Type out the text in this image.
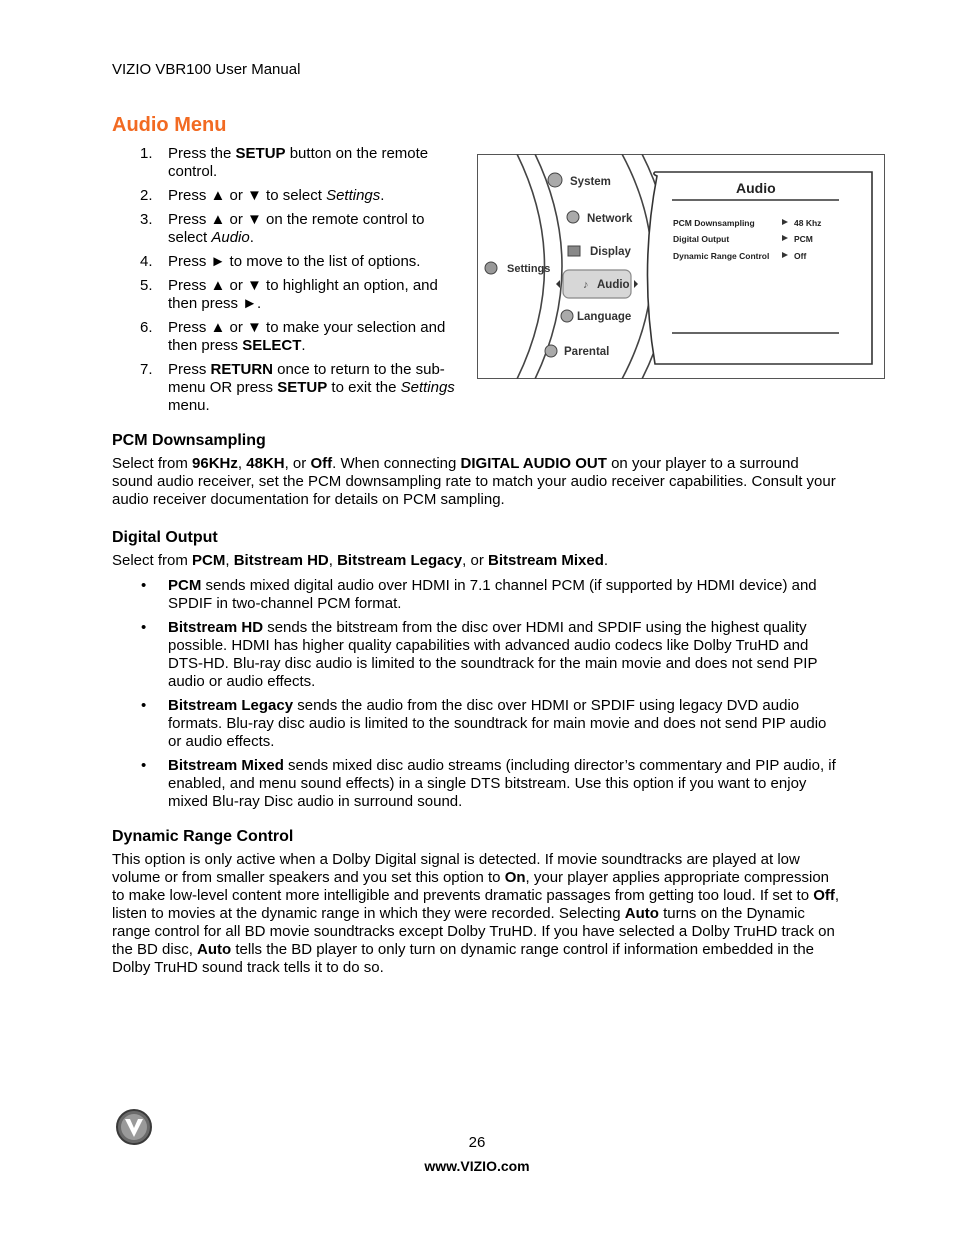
VIZIO VBR100 User Manual
Audio Menu
1. Press the SETUP button on the remote control.
2. Press ▲ or ▼ to select Settings.
3. Press ▲ or ▼ on the remote control to select Audio.
4. Press ► to move to the list of options.
5. Press ▲ or ▼ to highlight an option, and then press ►.
6. Press ▲ or ▼ to make your selection and then press SELECT.
7. Press RETURN once to return to the sub-menu OR press SETUP to exit the Settings menu.
Settings
System
Network
Display
♪ Audio
Language
Parental
Audio
PCM Downsampling	48 Khz
Digital Output	PCM
Dynamic Range Control	Off
PCM Downsampling

Select from 96KHz, 48KH, or Off. When connecting DIGITAL AUDIO OUT on your player to a surround sound audio receiver, set the PCM downsampling rate to match your audio receiver capabilities. Consult your audio receiver documentation for details on PCM sampling.

Digital Output

Select from PCM, Bitstream HD, Bitstream Legacy, or Bitstream Mixed.

• PCM sends mixed digital audio over HDMI in 7.1 channel PCM (if supported by HDMI device) and SPDIF in two-channel PCM format.
• Bitstream HD sends the bitstream from the disc over HDMI and SPDIF using the highest quality possible. HDMI has higher quality capabilities with advanced audio codecs like Dolby TruHD and DTS-HD. Blu-ray disc audio is limited to the soundtrack for the main movie and does not send PIP audio or audio effects.
• Bitstream Legacy sends the audio from the disc over HDMI or SPDIF using legacy DVD audio formats. Blu-ray disc audio is limited to the soundtrack for main movie and does not send PIP audio or audio effects.
• Bitstream Mixed sends mixed disc audio streams (including director’s commentary and PIP audio, if enabled, and menu sound effects) in a single DTS bitstream. Use this option if you want to enjoy mixed Blu-ray Disc audio in surround sound.
Dynamic Range Control

This option is only active when a Dolby Digital signal is detected. If movie soundtracks are played at low volume or from smaller speakers and you set this option to On, your player applies appropriate compression to make low-level content more intelligible and prevents dramatic passages from getting too loud. If set to Off, listen to movies at the dynamic range in which they were recorded. Selecting Auto turns on the Dynamic range control for all BD movie soundtracks except Dolby TruHD. If you have selected a Dolby TruHD track on the BD disc, Auto tells the BD player to only turn on dynamic range control if information embedded in the Dolby TruHD sound track tells it to do so.

26
www.VIZIO.com
